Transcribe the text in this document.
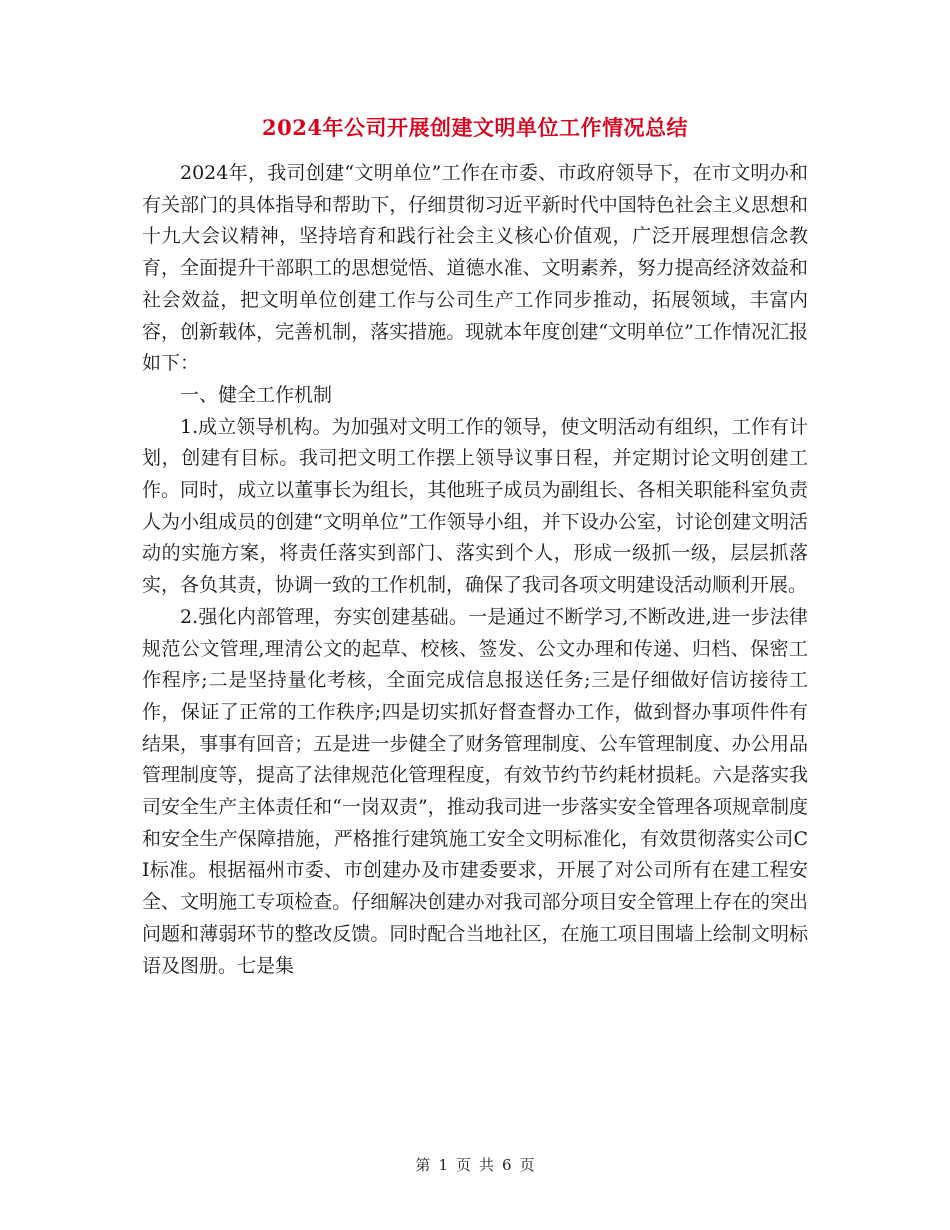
2024年公司开展创建文明单位工作情况总结

2024年，我司创建“文明单位”工作在市委、市政府领导下，在市文明办和有关部门的具体指导和帮助下，仔细贯彻习近平新时代中国特色社会主义思想和十九大会议精神，坚持培育和践行社会主义核心价值观，广泛开展理想信念教育，全面提升干部职工的思想觉悟、道德水准、文明素养，努力提高经济效益和社会效益，把文明单位创建工作与公司生产工作同步推动，拓展领域，丰富内容，创新载体，完善机制，落实措施。现就本年度创建“文明单位”工作情况汇报如下：

一、健全工作机制

1.成立领导机构。为加强对文明工作的领导，使文明活动有组织，工作有计划，创建有目标。我司把文明工作摆上领导议事日程，并定期讨论文明创建工作。同时，成立以董事长为组长，其他班子成员为副组长、各相关职能科室负责人为小组成员的创建“文明单位”工作领导小组，并下设办公室，讨论创建文明活动的实施方案，将责任落实到部门、落实到个人，形成一级抓一级，层层抓落实，各负其责，协调一致的工作机制，确保了我司各项文明建设活动顺利开展。

2.强化内部管理，夯实创建基础。一是通过不断学习,不断改进,进一步法律规范公文管理,理清公文的起草、校核、签发、公文办理和传递、归档、保密工作程序;二是坚持量化考核，全面完成信息报送任务;三是仔细做好信访接待工作，保证了正常的工作秩序;四是切实抓好督查督办工作，做到督办事项件件有结果，事事有回音；五是进一步健全了财务管理制度、公车管理制度、办公用品管理制度等，提高了法律规范化管理程度，有效节约节约耗材损耗。六是落实我司安全生产主体责任和“一岗双责”，推动我司进一步落实安全管理各项规章制度和安全生产保障措施，严格推行建筑施工安全文明标准化，有效贯彻落实公司CI标准。根据福州市委、市创建办及市建委要求，开展了对公司所有在建工程安全、文明施工专项检查。仔细解决创建办对我司部分项目安全管理上存在的突出问题和薄弱环节的整改反馈。同时配合当地社区，在施工项目围墙上绘制文明标语及图册。七是集

第 1 页 共 6 页
